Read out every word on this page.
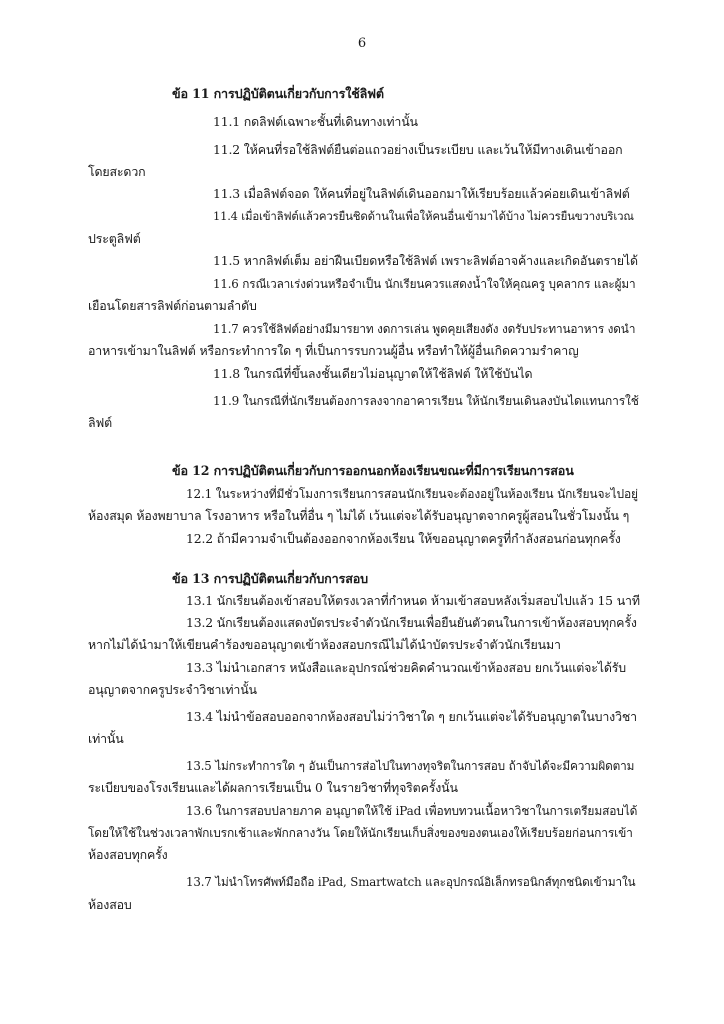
6
ข้อ 11 การปฏิบัติตนเกี่ยวกับการใช้ลิฟต์
11.1 กดลิฟต์เฉพาะชั้นที่เดินทางเท่านั้น
11.2 ให้คนที่รอใช้ลิฟต์ยืนต่อแถวอย่างเป็นระเบียบ และเว้นให้มีทางเดินเข้าออก
โดยสะดวก
11.3 เมื่อลิฟต์จอด ให้คนที่อยู่ในลิฟต์เดินออกมาให้เรียบร้อยแล้วค่อยเดินเข้าลิฟต์
11.4 เมื่อเข้าลิฟต์แล้วควรยืนชิดด้านในเพื่อให้คนอื่นเข้ามาได้บ้าง ไม่ควรยืนขวางบริเวณ
ประตูลิฟต์
11.5 หากลิฟต์เต็ม อย่าฝืนเบียดหรือใช้ลิฟต์ เพราะลิฟต์อาจค้างและเกิดอันตรายได้
11.6 กรณีเวลาเร่งด่วนหรือจำเป็น นักเรียนควรแสดงน้ำใจให้คุณครู บุคลากร และผู้มา
เยือนโดยสารลิฟต์ก่อนตามลำดับ
11.7 ควรใช้ลิฟต์อย่างมีมารยาท งดการเล่น พูดคุยเสียงดัง งดรับประทานอาหาร งดนำ
อาหารเข้ามาในลิฟต์ หรือกระทำการใด ๆ ที่เป็นการรบกวนผู้อื่น หรือทำให้ผู้อื่นเกิดความรำคาญ
11.8 ในกรณีที่ขึ้นลงชั้นเดียวไม่อนุญาตให้ใช้ลิฟต์ ให้ใช้บันได
11.9 ในกรณีที่นักเรียนต้องการลงจากอาคารเรียน ให้นักเรียนเดินลงบันไดแทนการใช้
ลิฟต์
ข้อ 12 การปฏิบัติตนเกี่ยวกับการออกนอกห้องเรียนขณะที่มีการเรียนการสอน
12.1 ในระหว่างที่มีชั่วโมงการเรียนการสอนนักเรียนจะต้องอยู่ในห้องเรียน นักเรียนจะไปอยู่
ห้องสมุด ห้องพยาบาล โรงอาหาร หรือในที่อื่น ๆ ไม่ได้ เว้นแต่จะได้รับอนุญาตจากครูผู้สอนในชั่วโมงนั้น ๆ
12.2 ถ้ามีความจำเป็นต้องออกจากห้องเรียน ให้ขออนุญาตครูที่กำลังสอนก่อนทุกครั้ง
ข้อ 13 การปฏิบัติตนเกี่ยวกับการสอบ
13.1 นักเรียนต้องเข้าสอบให้ตรงเวลาที่กำหนด ห้ามเข้าสอบหลังเริ่มสอบไปแล้ว 15 นาที
13.2 นักเรียนต้องแสดงบัตรประจำตัวนักเรียนเพื่อยืนยันตัวตนในการเข้าห้องสอบทุกครั้ง
หากไม่ได้นำมาให้เขียนคำร้องขออนุญาตเข้าห้องสอบกรณีไม่ได้นำบัตรประจำตัวนักเรียนมา
13.3 ไม่นำเอกสาร หนังสือและอุปกรณ์ช่วยคิดคำนวณเข้าห้องสอบ ยกเว้นแต่จะได้รับ
อนุญาตจากครูประจำวิชาเท่านั้น
13.4 ไม่นำข้อสอบออกจากห้องสอบไม่ว่าวิชาใด ๆ ยกเว้นแต่จะได้รับอนุญาตในบางวิชา
เท่านั้น
13.5 ไม่กระทำการใด ๆ อันเป็นการส่อไปในทางทุจริตในการสอบ ถ้าจับได้จะมีความผิดตาม
ระเบียบของโรงเรียนและได้ผลการเรียนเป็น 0 ในรายวิชาที่ทุจริตครั้งนั้น
13.6 ในการสอบปลายภาค อนุญาตให้ใช้ iPad เพื่อทบทวนเนื้อหาวิชาในการเตรียมสอบได้
โดยให้ใช้ในช่วงเวลาพักเบรกเช้าและพักกลางวัน โดยให้นักเรียนเก็บสิ่งของของตนเองให้เรียบร้อยก่อนการเข้า
ห้องสอบทุกครั้ง
13.7 ไม่นำโทรศัพท์มือถือ iPad, Smartwatch และอุปกรณ์อิเล็กทรอนิกส์ทุกชนิดเข้ามาใน
ห้องสอบ
